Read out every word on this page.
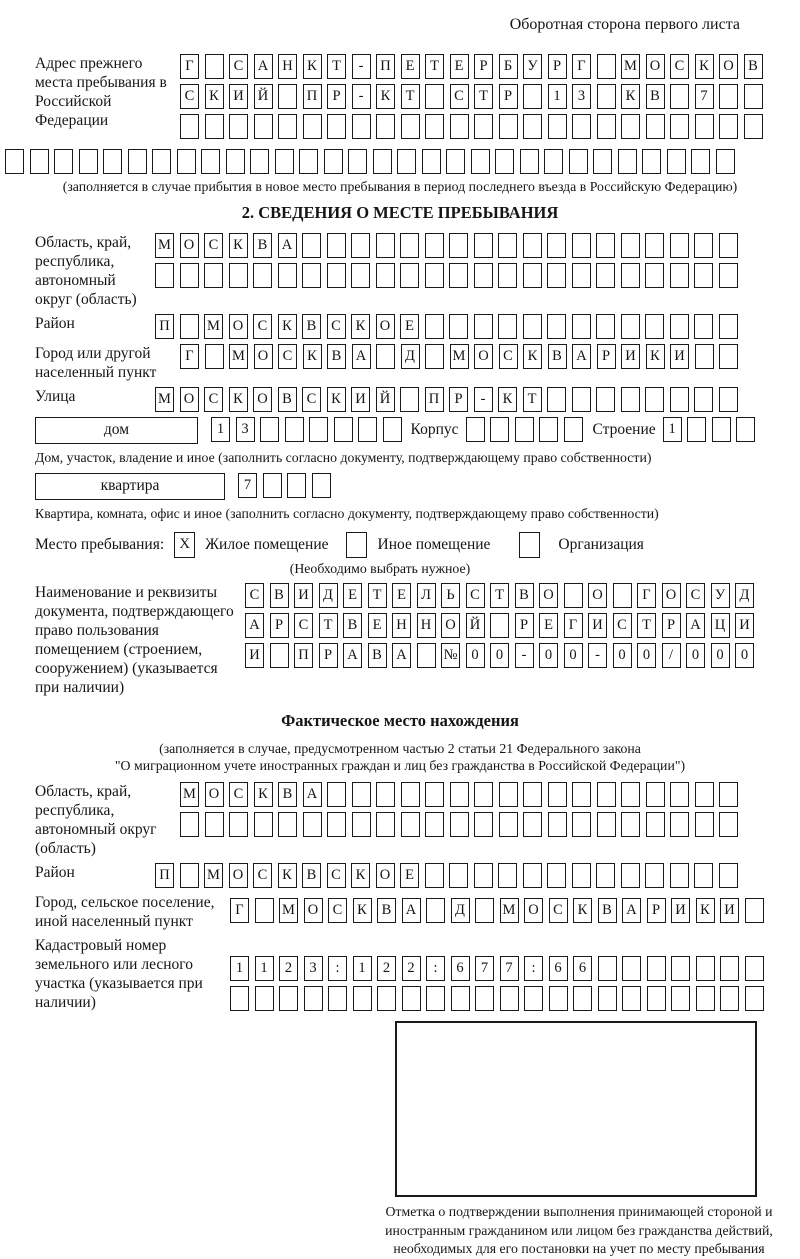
Оборотная сторона первого листа
Адрес прежнего места пребывания в Российской Федерации
Г	С А Н К	Т	-	П	Е	Т	Е	Р	Б	У	Р	Г	М О С	К О В
С	К И Й	П	Р	-	К	Т	С	Т	Р	1	3	К	В	7
(заполняется в случае прибытия в новое место пребывания в период последнего въезда в Российскую Федерацию)
2. СВЕДЕНИЯ О МЕСТЕ ПРЕБЫВАНИЯ
Область, край, республика, автономный округ (область)
М О С	К	В А
Район	П	М О С	К	В	С	К О	Е
Город или другой населенный пункт
Г	М О С	К	В А	Д	М О С	К	В А	Р	И К И
Улица	М О С	К О В	С	К И Й	П	Р	-	К	Т
дом	1	3	Корпус	Строение 1
Дом, участок, владение и иное (заполнить согласно документу, подтверждающему право собственности)
квартира	7
Квартира, комната, офис и иное (заполнить согласно документу, подтверждающему право собственности)
Место пребывания:	X Жилое помещение	Иное помещение	Организация
(Необходимо выбрать нужное)
Наименование и реквизиты документа, подтверждающего право пользования помещением (строением, сооружением) (указывается при наличии)
С	В И Д	Е	Т	Е	Л	Ь	С	Т	В О	О	Г	О С	У Д
А	Р	С	Т	В	Е	Н Н О Й	Р	Е	Г	И С	Т	Р	А Ц И
И	П	Р	А В А	№ 0	0	-	0	0	-	0	0	/	0	0	0
Фактическое место нахождения
(заполняется в случае, предусмотренном частью 2 статьи 21 Федерального закона
"О миграционном учете иностранных граждан и лиц без гражданства в Российской Федерации")
Область, край, республика, автономный округ (область)
М О С	К	В А
Район	П	М О С	К	В	С	К О	Е
Город, сельское поселение, иной населенный пункт
Г	М О С	К	В А	Д	М О С	К	В А	Р	И К И
Кадастровый номер земельного или лесного участка (указывается при наличии)
1	1	2	3	:	1	2	2	:	6	7	7	:	6	6
Отметка о подтверждении выполнения принимающей стороной и иностранным гражданином или лицом без гражданства действий, необходимых для его постановки на учет по месту пребывания
